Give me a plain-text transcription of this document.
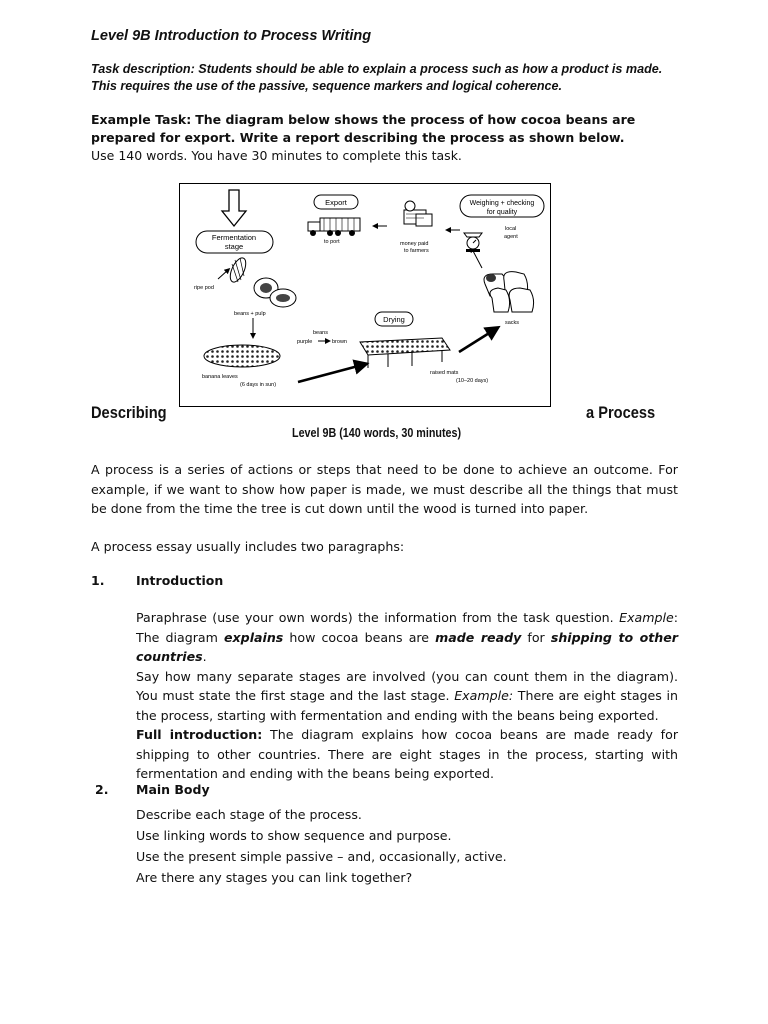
Level 9B Introduction to Process Writing
Task description: Students should be able to explain a process such as how a product is made. This requires the use of the passive, sequence markers and logical coherence.
Example Task: The diagram below shows the process of how cocoa beans are prepared for export. Write a report describing the process as shown below.
Use 140 words. You have 30 minutes to complete this task.
Fermentation
stage
ripe pod
beans + pulp
banana leaves
(6 days in sun)
beans
purple	brown
Drying
raised mats
(10–20 days)
sacks
Weighing + checking
for quality
local
agent
money paid
to farmers
Export
to port
Describing	a Process
Level 9B (140 words, 30 minutes)
A process is a series of actions or steps that need to be done to achieve an outcome. For example, if we want to show how paper is made, we must describe all the things that must be done from the time the tree is cut down until the wood is turned into paper.
A process essay usually includes two paragraphs:
1.	Introduction
Paraphrase (use your own words) the information from the task question. Example: The diagram explains how cocoa beans are made ready for shipping to other countries.
Say how many separate stages are involved (you can count them in the diagram). You must state the first stage and the last stage. Example: There are eight stages in the process, starting with fermentation and ending with the beans being exported.
Full introduction: The diagram explains how cocoa beans are made ready for shipping to other countries. There are eight stages in the process, starting with fermentation and ending with the beans being exported.
2. Main Body
Describe each stage of the process.
Use linking words to show sequence and purpose.
Use the present simple passive – and, occasionally, active.
Are there any stages you can link together?
